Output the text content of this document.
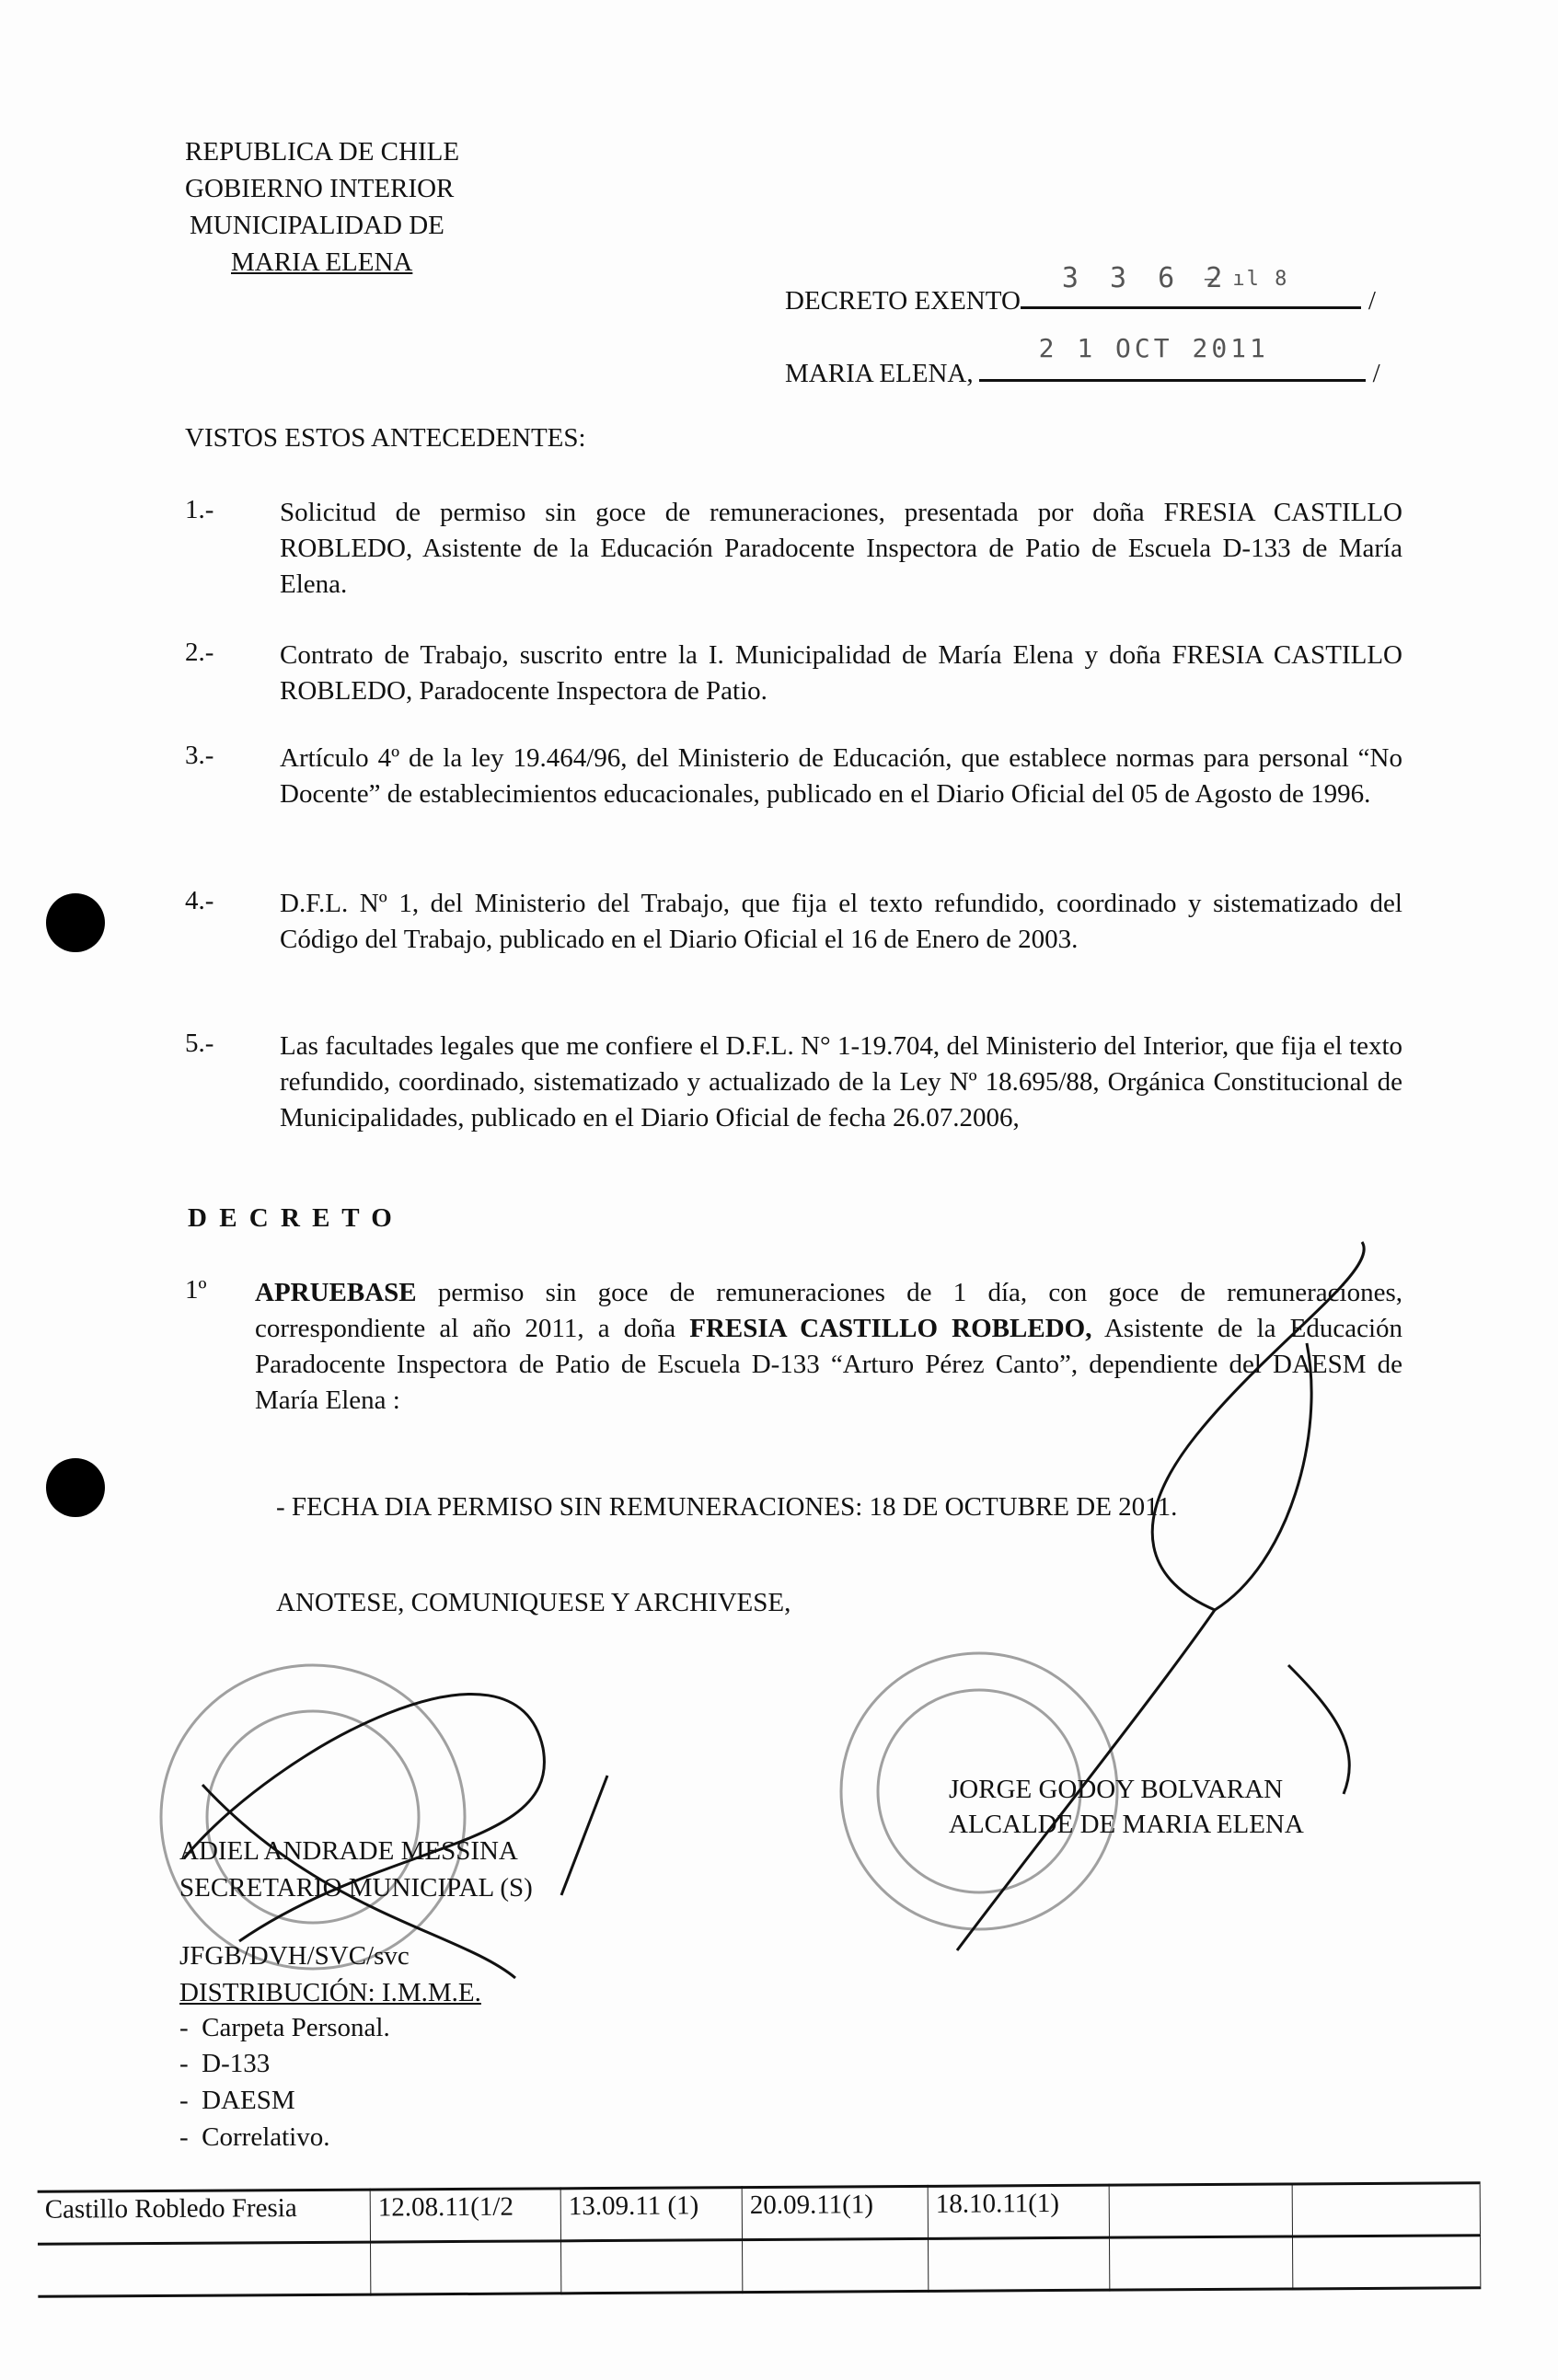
REPUBLICA DE CHILE
GOBIERNO INTERIOR
MUNICIPALIDAD DE
MARIA ELENA
DECRETO EXENTO
3 3 6 2
– ıl 8
/
MARIA ELENA,
2 1 OCT 2011
/
VISTOS ESTOS ANTECEDENTES:
1.- Solicitud de permiso sin goce de remuneraciones, presentada por doña FRESIA CASTILLO ROBLEDO, Asistente de la Educación Paradocente Inspectora de Patio de Escuela D-133 de María Elena.
2.- Contrato de Trabajo, suscrito entre la I. Municipalidad de María Elena y doña FRESIA CASTILLO ROBLEDO, Paradocente Inspectora de Patio.
3.- Artículo 4º de la ley 19.464/96, del Ministerio de Educación, que establece normas para personal “No Docente” de establecimientos educacionales, publicado en el Diario Oficial del 05 de Agosto de 1996.
4.- D.F.L. Nº 1, del Ministerio del Trabajo, que fija el texto refundido, coordinado y sistematizado del Código del Trabajo, publicado en el Diario Oficial el 16 de Enero de 2003.
5.- Las facultades legales que me confiere el D.F.L. N° 1-19.704, del Ministerio del Interior, que fija el texto refundido, coordinado, sistematizado y actualizado de la Ley Nº 18.695/88, Orgánica Constitucional de Municipalidades, publicado en el Diario Oficial de fecha 26.07.2006,
D E C R E T O
1º APRUEBASE permiso sin goce de remuneraciones de 1 día, con goce de remuneraciones, correspondiente al año 2011, a doña FRESIA CASTILLO ROBLEDO, Asistente de la Educación Paradocente Inspectora de Patio de Escuela D-133 “Arturo Pérez Canto”, dependiente del DAESM de María Elena :
- FECHA DIA PERMISO SIN REMUNERACIONES: 18 DE OCTUBRE DE 2011.
ANOTESE, COMUNIQUESE Y ARCHIVESE,
ADIEL ANDRADE MESSINA
SECRETARIO MUNICIPAL (S)
JORGE GODOY BOLVARAN
ALCALDE DE MARIA ELENA
JFGB/DVH/SVC/svc
DISTRIBUCIÓN: I.M.M.E.
-  Carpeta Personal.
-  D-133
-  DAESM
-  Correlativo.
Castillo Robledo Fresia	12.08.11(1/2	13.09.11 (1)	20.09.11(1)	18.10.11(1)		
